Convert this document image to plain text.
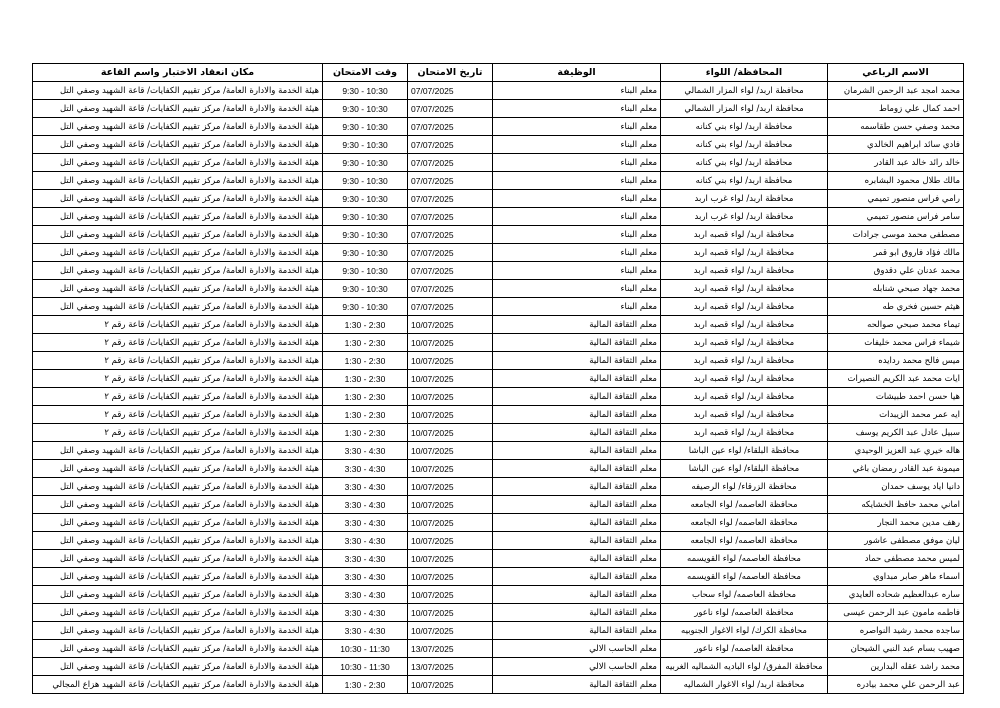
مكان انعقاد الاختبار واسم القاعة	وقت الامتحان	تاريخ الامتحان	الوظيفة	المحافظة/ اللواء	الاسم الرباعي
هيئة الخدمة والادارة العامة/ مركز تقييم الكفايات/ قاعة الشهيد وصفي التل	9:30 - 10:30	07/07/2025	معلم البناء	محافظة اربد/ لواء المزار الشمالي	محمد امجد عبد الرحمن الشرمان
هيئة الخدمة والادارة العامة/ مركز تقييم الكفايات/ قاعة الشهيد وصفي التل	9:30 - 10:30	07/07/2025	معلم البناء	محافظة اربد/ لواء المزار الشمالي	احمد كمال علي زوماط
هيئة الخدمة والادارة العامة/ مركز تقييم الكفايات/ قاعة الشهيد وصفي التل	9:30 - 10:30	07/07/2025	معلم البناء	محافظة اربد/ لواء بني كنانه	محمد وصفي حسن طقاسمه
هيئة الخدمة والادارة العامة/ مركز تقييم الكفايات/ قاعة الشهيد وصفي التل	9:30 - 10:30	07/07/2025	معلم البناء	محافظة اربد/ لواء بني كنانه	فادي سائد ابراهيم الخالدي
هيئة الخدمة والادارة العامة/ مركز تقييم الكفايات/ قاعة الشهيد وصفي التل	9:30 - 10:30	07/07/2025	معلم البناء	محافظة اربد/ لواء بني كنانه	خالد رائد خالد عبد القادر
هيئة الخدمة والادارة العامة/ مركز تقييم الكفايات/ قاعة الشهيد وصفي التل	9:30 - 10:30	07/07/2025	معلم البناء	محافظة اربد/ لواء بني كنانه	مالك طلال محمود البشابره
هيئة الخدمة والادارة العامة/ مركز تقييم الكفايات/ قاعة الشهيد وصفي التل	9:30 - 10:30	07/07/2025	معلم البناء	محافظة اربد/ لواء غرب اربد	رامي فراس منصور تميمي
هيئة الخدمة والادارة العامة/ مركز تقييم الكفايات/ قاعة الشهيد وصفي التل	9:30 - 10:30	07/07/2025	معلم البناء	محافظة اربد/ لواء غرب اربد	سامر فراس منصور تميمي
هيئة الخدمة والادارة العامة/ مركز تقييم الكفايات/ قاعة الشهيد وصفي التل	9:30 - 10:30	07/07/2025	معلم البناء	محافظة اربد/ لواء قصبه اربد	مصطفى محمد موسى جرادات
هيئة الخدمة والادارة العامة/ مركز تقييم الكفايات/ قاعة الشهيد وصفي التل	9:30 - 10:30	07/07/2025	معلم البناء	محافظة اربد/ لواء قصبه اربد	مالك فؤاد فاروق ابو قمر
هيئة الخدمة والادارة العامة/ مركز تقييم الكفايات/ قاعة الشهيد وصفي التل	9:30 - 10:30	07/07/2025	معلم البناء	محافظة اربد/ لواء قصبه اربد	محمد عدنان علي دقدوق
هيئة الخدمة والادارة العامة/ مركز تقييم الكفايات/ قاعة الشهيد وصفي التل	9:30 - 10:30	07/07/2025	معلم البناء	محافظة اربد/ لواء قصبه اربد	محمد جهاد صبحي شنابله
هيئة الخدمة والادارة العامة/ مركز تقييم الكفايات/ قاعة الشهيد وصفي التل	9:30 - 10:30	07/07/2025	معلم البناء	محافظة اربد/ لواء قصبه اربد	هيثم حسين فخري طه
هيئة الخدمة والادارة العامة/ مركز تقييم الكفايات/ قاعة رقم ٢	1:30 - 2:30	10/07/2025	معلم الثقافة المالية	محافظة اربد/ لواء قصبه اربد	تيماء محمد صبحي صوالحه
هيئة الخدمة والادارة العامة/ مركز تقييم الكفايات/ قاعة رقم ٢	1:30 - 2:30	10/07/2025	معلم الثقافة المالية	محافظة اربد/ لواء قصبه اربد	شيماء فراس محمد خليفات
هيئة الخدمة والادارة العامة/ مركز تقييم الكفايات/ قاعة رقم ٢	1:30 - 2:30	10/07/2025	معلم الثقافة المالية	محافظة اربد/ لواء قصبه اربد	ميس فالح محمد ردايده
هيئة الخدمة والادارة العامة/ مركز تقييم الكفايات/ قاعة رقم ٢	1:30 - 2:30	10/07/2025	معلم الثقافة المالية	محافظة اربد/ لواء قصبه اربد	ايات محمد عبد الكريم النصيرات
هيئة الخدمة والادارة العامة/ مركز تقييم الكفايات/ قاعة رقم ٢	1:30 - 2:30	10/07/2025	معلم الثقافة المالية	محافظة اربد/ لواء قصبه اربد	هيا حسن احمد طبيشات
هيئة الخدمة والادارة العامة/ مركز تقييم الكفايات/ قاعة رقم ٢	1:30 - 2:30	10/07/2025	معلم الثقافة المالية	محافظة اربد/ لواء قصبه اربد	ايه عمر محمد الزيبدات
هيئة الخدمة والادارة العامة/ مركز تقييم الكفايات/ قاعة رقم ٢	1:30 - 2:30	10/07/2025	معلم الثقافة المالية	محافظة اربد/ لواء قصبه اربد	سبيل عادل عبد الكريم يوسف
هيئة الخدمة والادارة العامة/ مركز تقييم الكفايات/ قاعة الشهيد وصفي التل	3:30 - 4:30	10/07/2025	معلم الثقافة المالية	محافظة البلقاء/ لواء عين الباشا	هاله خيري عبد العزيز الوحيدي
هيئة الخدمة والادارة العامة/ مركز تقييم الكفايات/ قاعة الشهيد وصفي التل	3:30 - 4:30	10/07/2025	معلم الثقافة المالية	محافظة البلقاء/ لواء عين الباشا	ميمونة عبد القادر رمضان باغي
هيئة الخدمة والادارة العامة/ مركز تقييم الكفايات/ قاعة الشهيد وصفي التل	3:30 - 4:30	10/07/2025	معلم الثقافة المالية	محافظة الزرقاء/ لواء الرصيفه	دانيا اياد يوسف حمدان
هيئة الخدمة والادارة العامة/ مركز تقييم الكفايات/ قاعة الشهيد وصفي التل	3:30 - 4:30	10/07/2025	معلم الثقافة المالية	محافظة العاصمه/ لواء الجامعه	اماني محمد حافظ الخشايكه
هيئة الخدمة والادارة العامة/ مركز تقييم الكفايات/ قاعة الشهيد وصفي التل	3:30 - 4:30	10/07/2025	معلم الثقافة المالية	محافظة العاصمه/ لواء الجامعه	رهف مدين محمد النجار
هيئة الخدمة والادارة العامة/ مركز تقييم الكفايات/ قاعة الشهيد وصفي التل	3:30 - 4:30	10/07/2025	معلم الثقافة المالية	محافظة العاصمه/ لواء الجامعه	ليان موفق مصطفى عاشور
هيئة الخدمة والادارة العامة/ مركز تقييم الكفايات/ قاعة الشهيد وصفي التل	3:30 - 4:30	10/07/2025	معلم الثقافة المالية	محافظة العاصمه/ لواء القويسمه	لميس محمد مصطفى حماد
هيئة الخدمة والادارة العامة/ مركز تقييم الكفايات/ قاعة الشهيد وصفي التل	3:30 - 4:30	10/07/2025	معلم الثقافة المالية	محافظة العاصمه/ لواء القويسمه	اسماء ماهر صابر مبداوي
هيئة الخدمة والادارة العامة/ مركز تقييم الكفايات/ قاعة الشهيد وصفي التل	3:30 - 4:30	10/07/2025	معلم الثقافة المالية	محافظة العاصمه/ لواء سحاب	ساره عبدالعظيم شحاده العايدي
هيئة الخدمة والادارة العامة/ مركز تقييم الكفايات/ قاعة الشهيد وصفي التل	3:30 - 4:30	10/07/2025	معلم الثقافة المالية	محافظة العاصمه/ لواء ناعور	فاطمه مامون عبد الرحمن عيسى
هيئة الخدمة والادارة العامة/ مركز تقييم الكفايات/ قاعة الشهيد وصفي التل	3:30 - 4:30	10/07/2025	معلم الثقافة المالية	محافظة الكرك/ لواء الاغوار الجنوبيه	ساجده محمد رشيد النواصره
هيئة الخدمة والادارة العامة/ مركز تقييم الكفايات/ قاعة الشهيد وصفي التل	10:30 - 11:30	13/07/2025	معلم الحاسب الالي	محافظة العاصمه/ لواء ناعور	صهيب بسام عبد النبي الشيحان
هيئة الخدمة والادارة العامة/ مركز تقييم الكفايات/ قاعة الشهيد وصفي التل	10:30 - 11:30	13/07/2025	معلم الحاسب الالي	محافظة المفرق/ لواء الباديه الشماليه الغربيه	محمد راشد عقله البدارين
هيئة الخدمة والادارة العامة/ مركز تقييم الكفايات/ قاعة الشهيد هزاع المجالي	1:30 - 2:30	10/07/2025	معلم الثقافة المالية	محافظة اربد/ لواء الاغوار الشماليه	عبد الرحمن علي محمد بيادره
